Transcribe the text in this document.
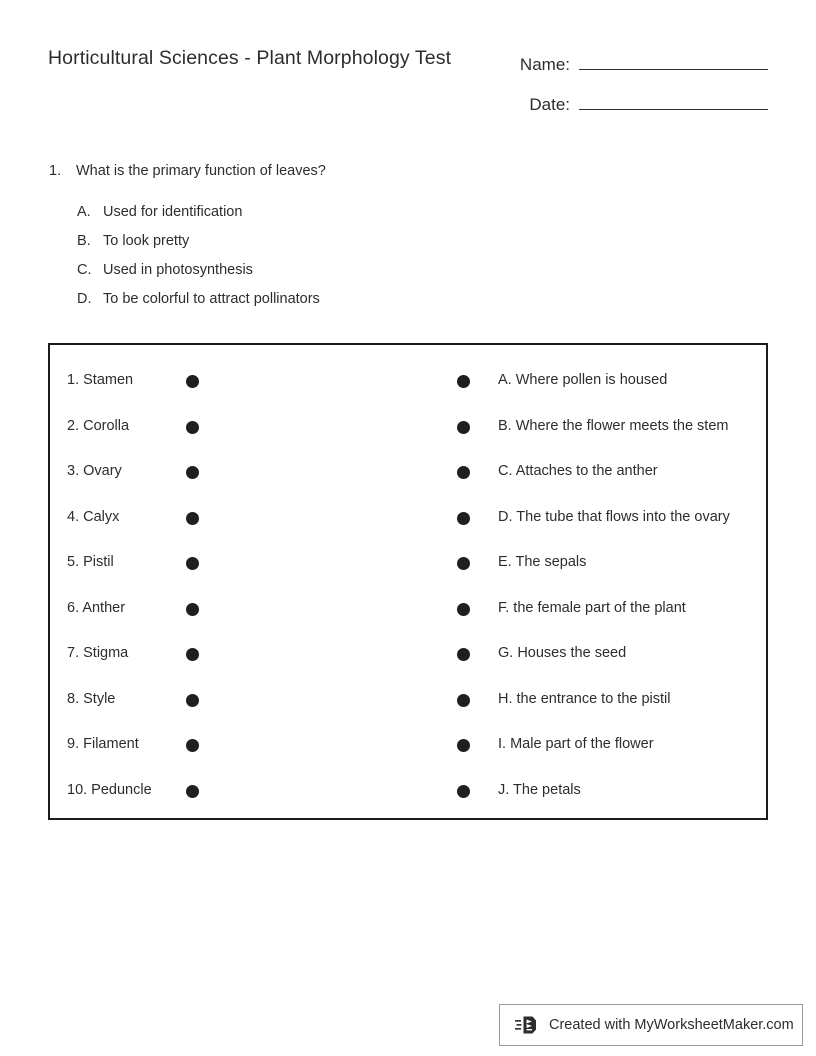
Horticultural Sciences - Plant Morphology Test	Name:
Date:
1. What is the primary function of leaves?
A. Used for identification
B. To look pretty
C. Used in photosynthesis
D. To be colorful to attract pollinators
1. Stamen	A. Where pollen is housed
2. Corolla	B. Where the flower meets the stem
3. Ovary	C. Attaches to the anther
4. Calyx	D. The tube that flows into the ovary
5. Pistil	E. The sepals
6. Anther	F. the female part of the plant
7. Stigma	G. Houses the seed
8. Style	H. the entrance to the pistil
9. Filament	I. Male part of the flower
10. Peduncle	J. The petals
Created with MyWorksheetMaker.com
